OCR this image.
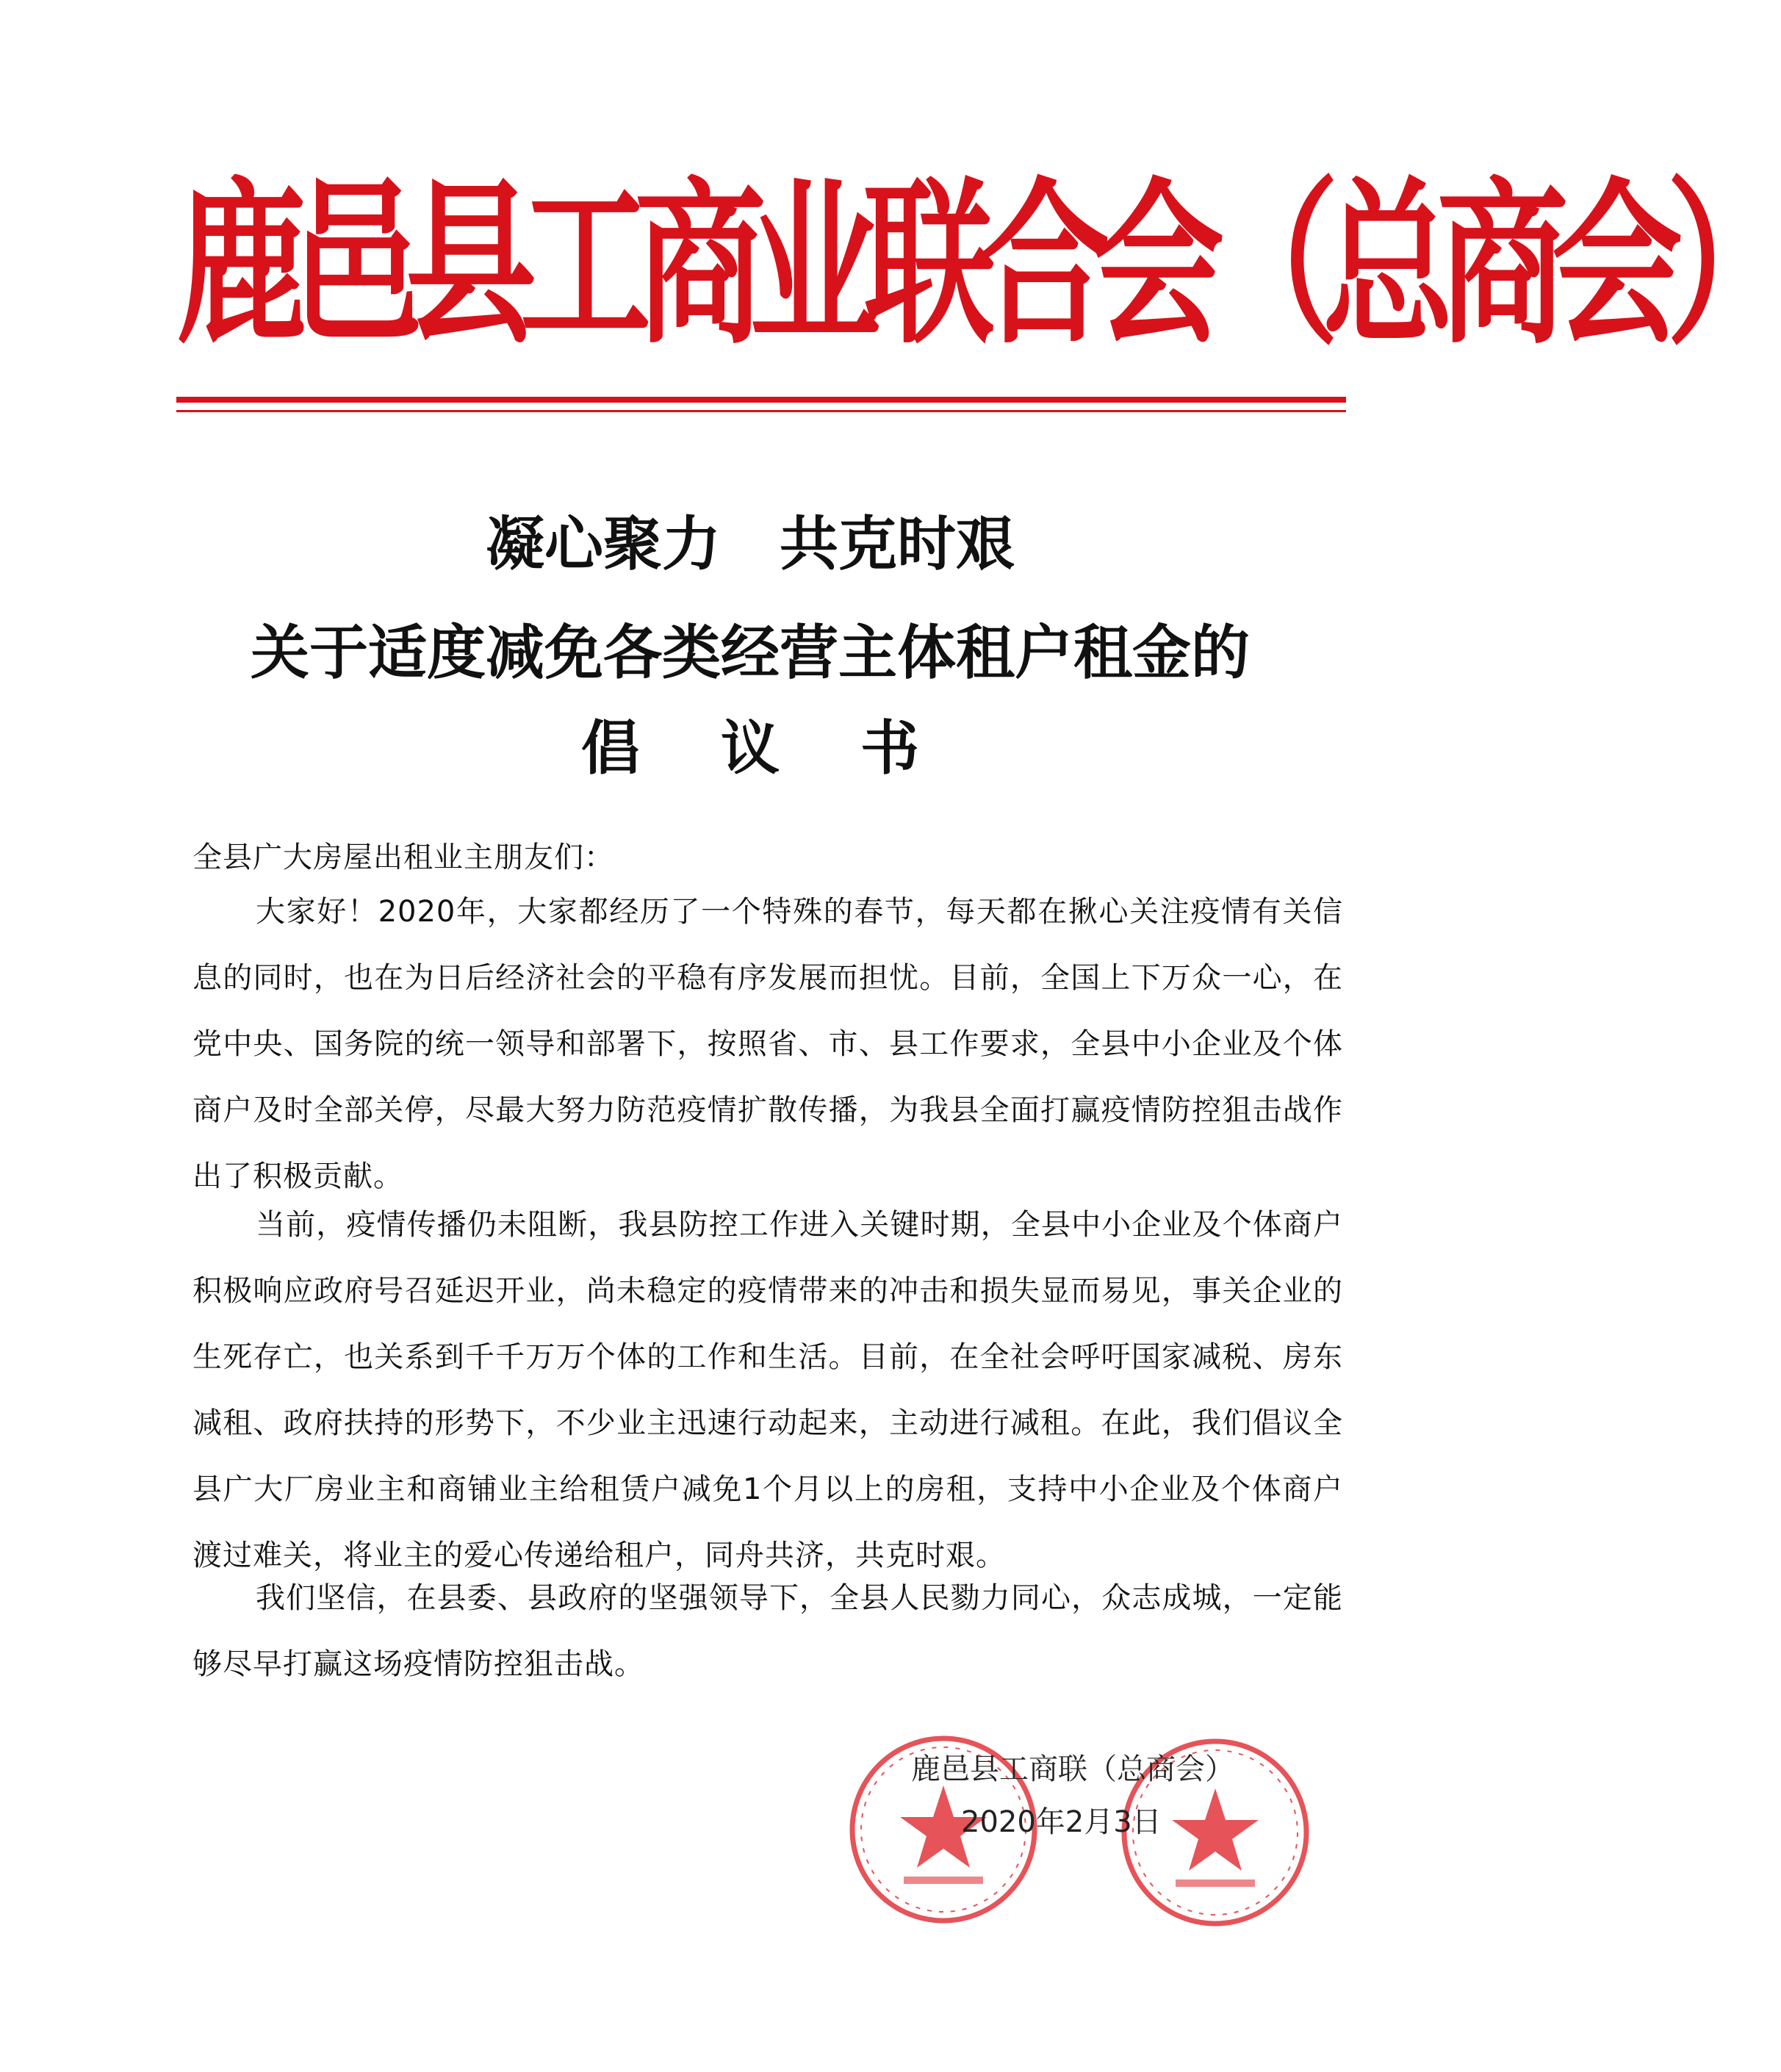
鹿邑县工商业联合会（总商会）
凝心聚力　共克时艰
关于适度减免各类经营主体租户租金的
倡议书
全县广大房屋出租业主朋友们：
大家好！2020年，大家都经历了一个特殊的春节，每天都在揪心关注疫情有关信息的同时，也在为日后经济社会的平稳有序发展而担忧。目前，全国上下万众一心，在党中央、国务院的统一领导和部署下，按照省、市、县工作要求，全县中小企业及个体商户及时全部关停，尽最大努力防范疫情扩散传播，为我县全面打赢疫情防控狙击战作出了积极贡献。
当前，疫情传播仍未阻断，我县防控工作进入关键时期，全县中小企业及个体商户积极响应政府号召延迟开业，尚未稳定的疫情带来的冲击和损失显而易见，事关企业的生死存亡，也关系到千千万万个体的工作和生活。目前，在全社会呼吁国家减税、房东减租、政府扶持的形势下，不少业主迅速行动起来，主动进行减租。在此，我们倡议全县广大厂房业主和商铺业主给租赁户减免1个月以上的房租，支持中小企业及个体商户渡过难关，将业主的爱心传递给租户，同舟共济，共克时艰。
我们坚信，在县委、县政府的坚强领导下，全县人民勠力同心，众志成城，一定能够尽早打赢这场疫情防控狙击战。
鹿邑县工商联（总商会）
2020年2月3日
